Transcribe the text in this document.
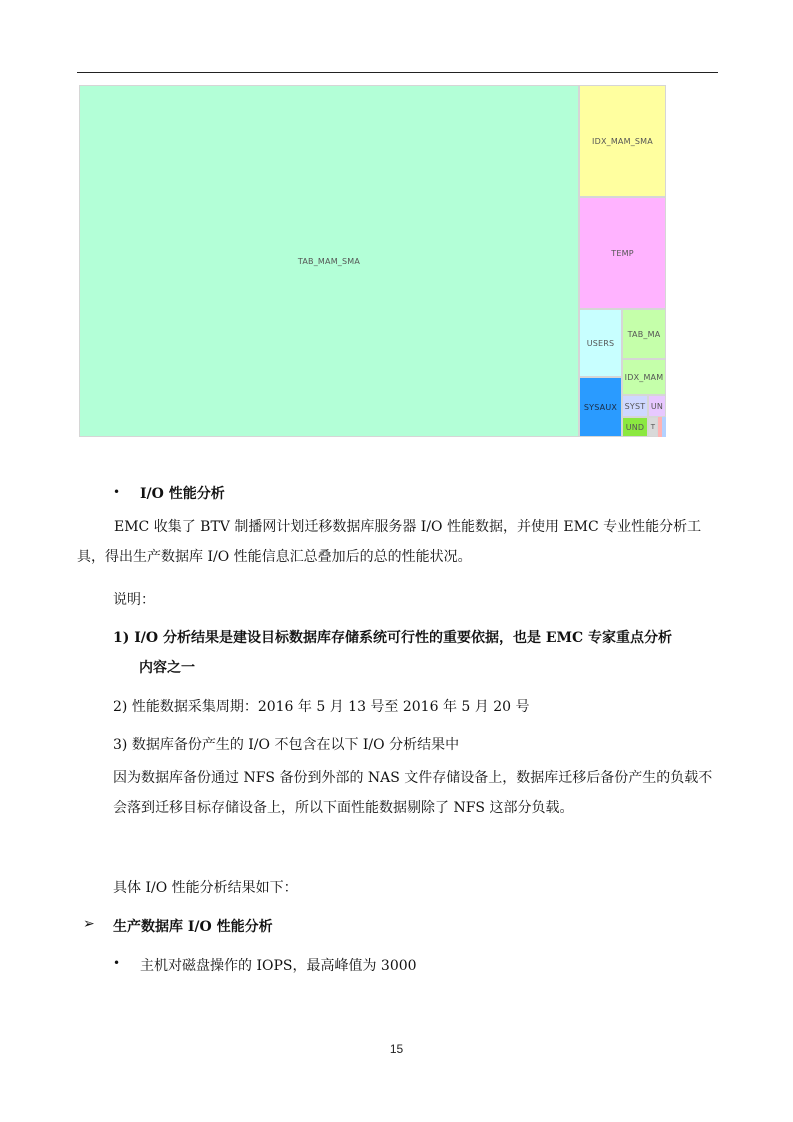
TAB_MAM_SMA
IDX_MAM_SMA
TEMP
USERS
TAB_MA
IDX_MAM
SYSAUX SYST UN
UND T
• I/O 性能分析
EMC 收集了 BTV 制播网计划迁移数据库服务器 I/O 性能数据，并使用 EMC 专业性能分析工具，得出生产数据库 I/O 性能信息汇总叠加后的总的性能状况。
说明：
1) I/O 分析结果是建设目标数据库存储系统可行性的重要依据，也是 EMC 专家重点分析
内容之一
2) 性能数据采集周期：2016 年 5 月 13 号至 2016 年 5 月 20 号
3) 数据库备份产生的 I/O 不包含在以下 I/O 分析结果中
因为数据库备份通过 NFS 备份到外部的 NAS 文件存储设备上，数据库迁移后备份产生的负载不会落到迁移目标存储设备上，所以下面性能数据剔除了 NFS 这部分负载。
具体 I/O 性能分析结果如下：
➢ 生产数据库 I/O 性能分析
• 主机对磁盘操作的 IOPS，最高峰值为 3000
15
